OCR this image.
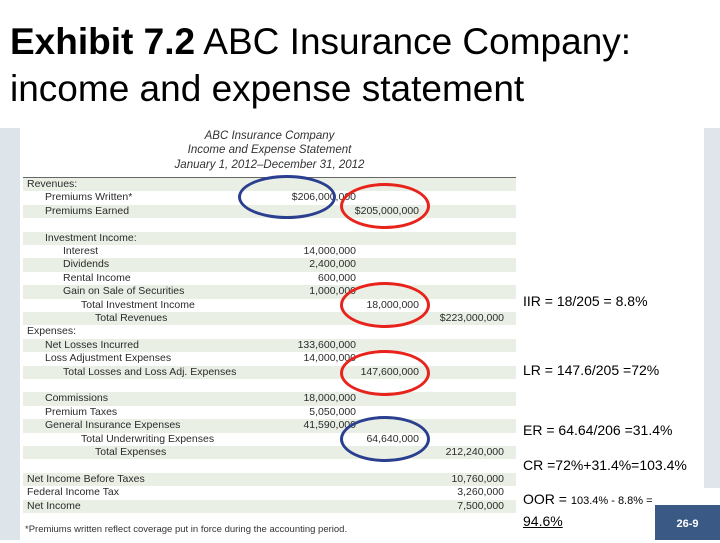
Exhibit 7.2 ABC Insurance Company: income and expense statement
ABC Insurance Company
Income and Expense Statement
January 1, 2012–December 31, 2012
Revenues:
Premiums Written*	$206,000,000
Premiums Earned	$205,000,000
Investment Income:
Interest	14,000,000
Dividends	2,400,000
Rental Income	600,000
Gain on Sale of Securities	1,000,000
Total Investment Income	18,000,000
Total Revenues	$223,000,000
Expenses:
Net Losses Incurred	133,600,000
Loss Adjustment Expenses	14,000,000
Total Losses and Loss Adj. Expenses	147,600,000
Commissions	18,000,000
Premium Taxes	5,050,000
General Insurance Expenses	41,590,000
Total Underwriting Expenses	64,640,000
Total Expenses	212,240,000
Net Income Before Taxes	10,760,000
Federal Income Tax	3,260,000
Net Income	7,500,000
*Premiums written reflect coverage put in force during the accounting period.
IIR = 18/205 = 8.8%
LR = 147.6/205 =72%
ER = 64.64/206 =31.4%
CR =72%+31.4%=103.4%
OOR = 103.4% - 8.8% =
94.6%	26-9
